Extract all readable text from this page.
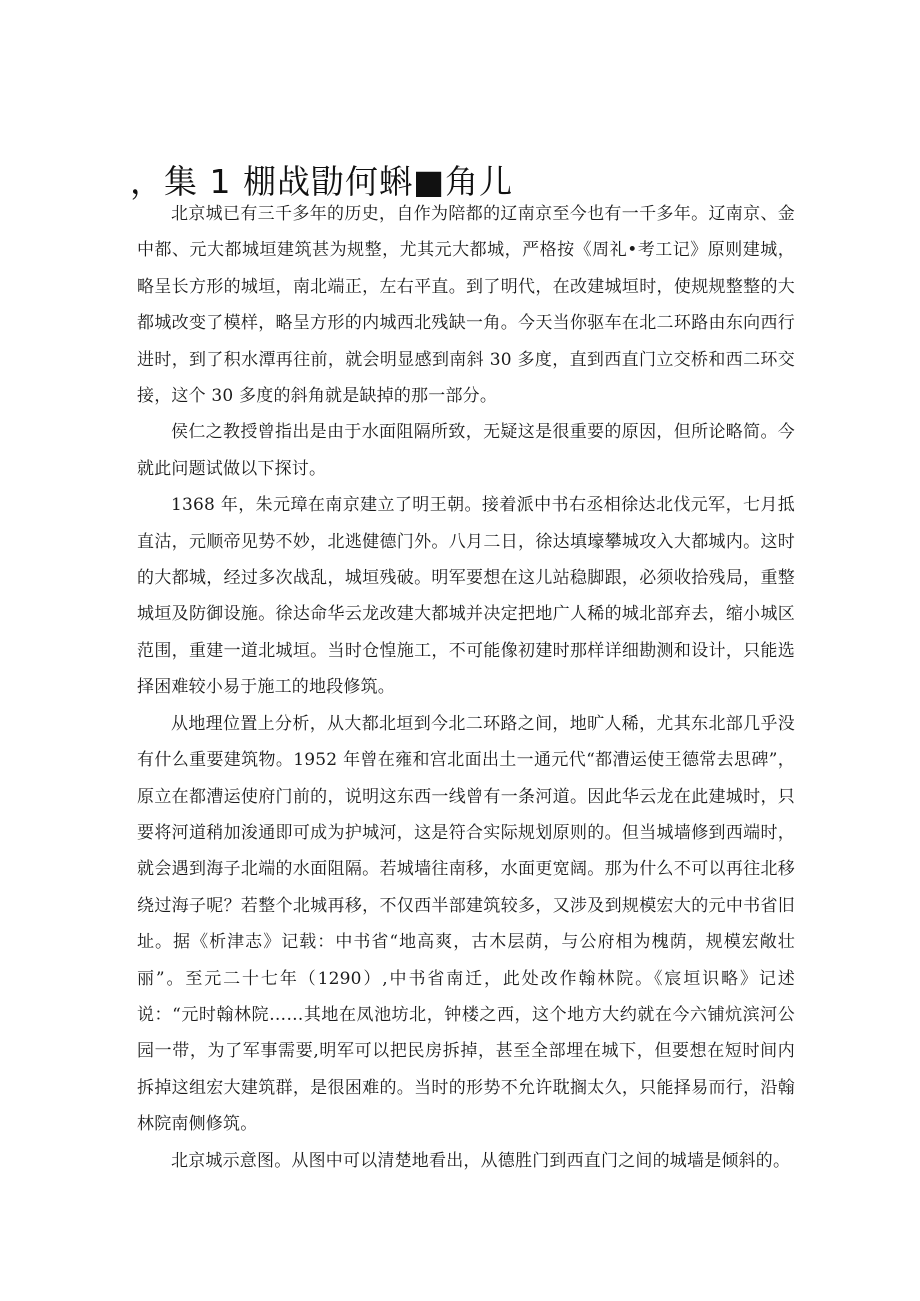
，集 1 棚战勖何蝌■角儿

北京城已有三千多年的历史，自作为陪都的辽南京至今也有一千多年。辽南京、金中都、元大都城垣建筑甚为规整，尤其元大都城，严格按《周礼•考工记》原则建城，略呈长方形的城垣，南北端正，左右平直。到了明代，在改建城垣时，使规规整整的大都城改变了模样，略呈方形的内城西北残缺一角。今天当你驱车在北二环路由东向西行进时，到了积水潭再往前，就会明显感到南斜 30 多度，直到西直门立交桥和西二环交接，这个 30 多度的斜角就是缺掉的那一部分。

侯仁之教授曾指出是由于水面阻隔所致，无疑这是很重要的原因，但所论略简。今就此问题试做以下探讨。

1368 年，朱元璋在南京建立了明王朝。接着派中书右丞相徐达北伐元军，七月抵直沽，元顺帝见势不妙，北逃健德门外。八月二日，徐达填壕攀城攻入大都城内。这时的大都城，经过多次战乱，城垣残破。明军要想在这儿站稳脚跟，必须收拾残局，重整城垣及防御设施。徐达命华云龙改建大都城并决定把地广人稀的城北部弃去，缩小城区范围，重建一道北城垣。当时仓惶施工，不可能像初建时那样详细勘测和设计，只能选择困难较小易于施工的地段修筑。

从地理位置上分析，从大都北垣到今北二环路之间，地旷人稀，尤其东北部几乎没有什么重要建筑物。1952 年曾在雍和宫北面出土一通元代“都漕运使王德常去思碑”，原立在都漕运使府门前的，说明这东西一线曾有一条河道。因此华云龙在此建城时，只要将河道稍加浚通即可成为护城河，这是符合实际规划原则的。但当城墙修到西端时，就会遇到海子北端的水面阻隔。若城墙往南移，水面更宽阔。那为什么不可以再往北移绕过海子呢？若整个北城再移，不仅西半部建筑较多，又涉及到规模宏大的元中书省旧址。据《析津志》记载：中书省“地高爽，古木层荫，与公府相为槐荫，规模宏敞壮丽”。至元二十七年（1290）,中书省南迁，此处改作翰林院。《宸垣识略》记述说：“元时翰林院……其地在凤池坊北，钟楼之西，这个地方大约就在今六铺炕滨河公园一带，为了军事需要,明军可以把民房拆掉，甚至全部埋在城下，但要想在短时间内拆掉这组宏大建筑群，是很困难的。当时的形势不允许耽搁太久，只能择易而行，沿翰林院南侧修筑。

北京城示意图。从图中可以清楚地看出，从德胜门到西直门之间的城墙是倾斜的。
